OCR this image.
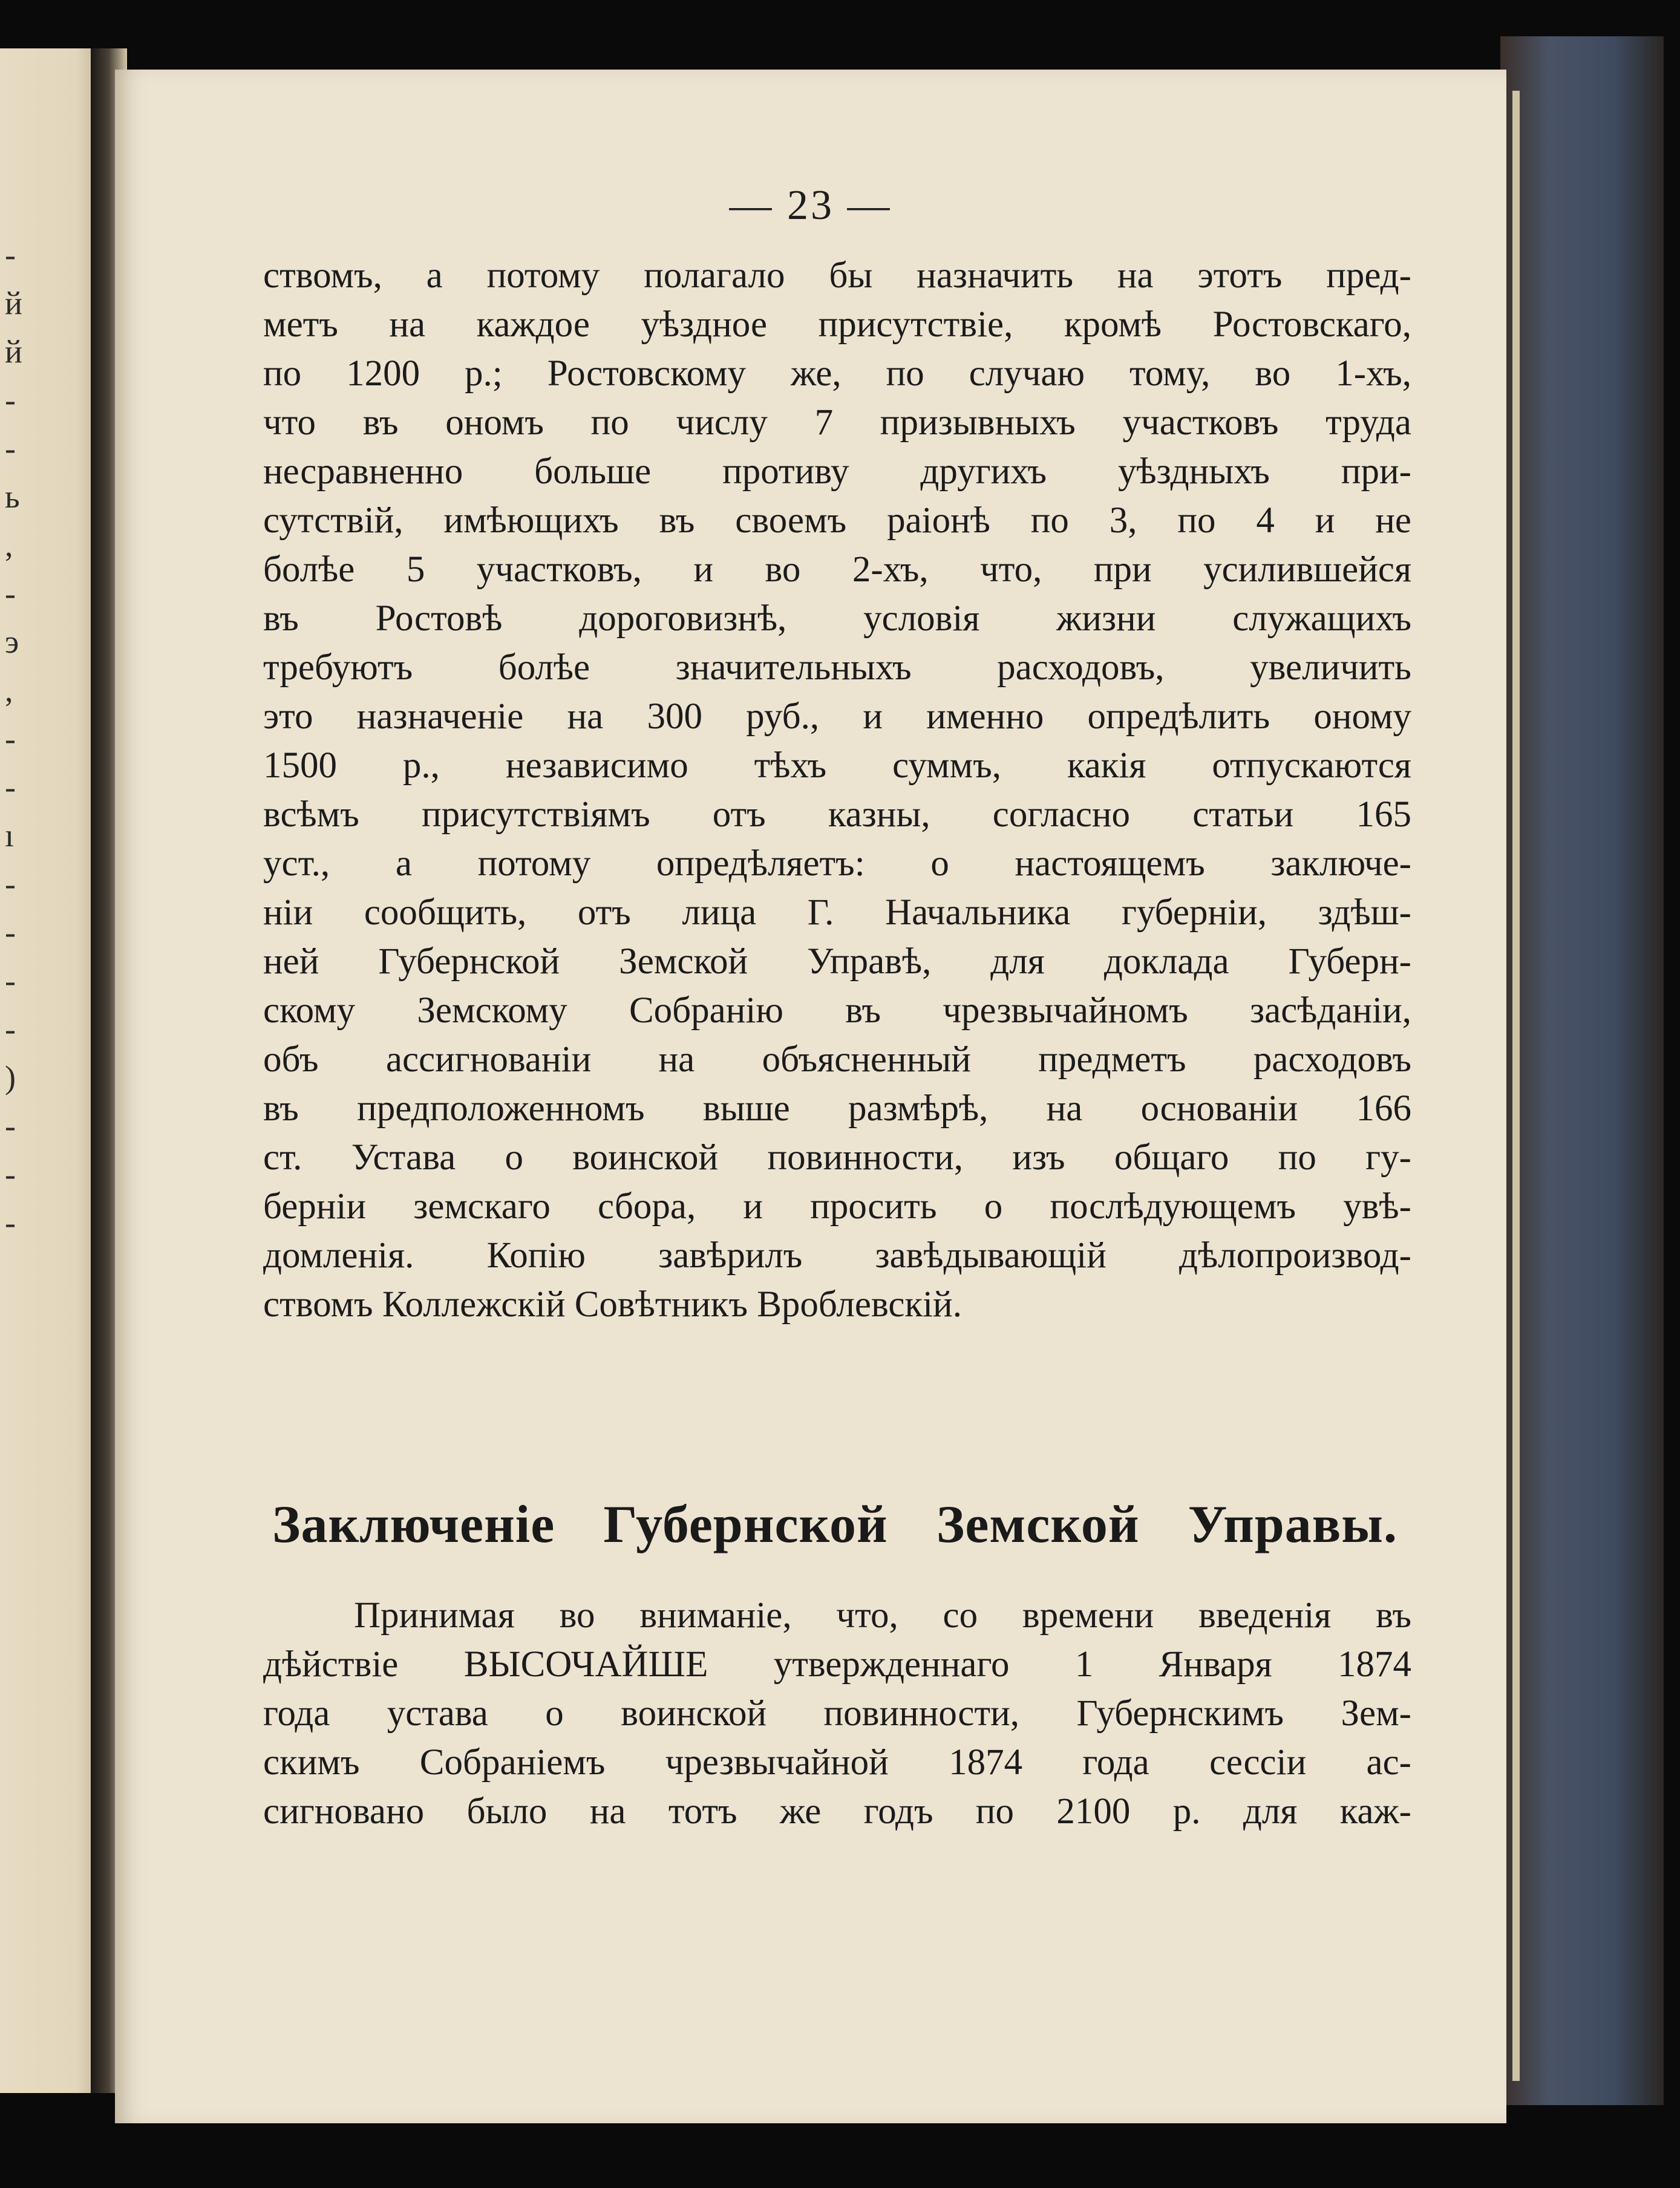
-
й
й
-
-
ь
,
-
э
,
-
-
ı
-
-
-
-
)
-
-
-
— 23 —
ствомъ, а потому полагало бы назначить на этотъ пред-
метъ на каждое уѣздное присутствіе, кромѣ Ростовскаго,
по 1200 р.; Ростовскому же, по случаю тому, во 1-хъ,
что въ ономъ по числу 7 призывныхъ участковъ труда
несравненно больше противу другихъ уѣздныхъ при-
сутствій, имѣющихъ въ своемъ раіонѣ по 3, по 4 и не
болѣе 5 участковъ, и во 2-хъ, что, при усилившейся
въ Ростовѣ дороговизнѣ, условія жизни служащихъ
требуютъ болѣе значительныхъ расходовъ, увеличить
это назначеніе на 300 руб., и именно опредѣлить оному
1500 р., независимо тѣхъ суммъ, какія отпускаются
всѣмъ присутствіямъ отъ казны, согласно статьи 165
уст., а потому опредѣляетъ: о настоящемъ заключе-
ніи сообщить, отъ лица Г. Начальника губерніи, здѣш-
ней Губернской Земской Управѣ, для доклада Губерн-
скому Земскому Собранію въ чрезвычайномъ засѣданіи,
объ ассигнованіи на объясненный предметъ расходовъ
въ предположенномъ выше размѣрѣ, на основаніи 166
ст. Устава о воинской повинности, изъ общаго по гу-
берніи земскаго сбора, и просить о послѣдующемъ увѣ-
домленія. Копію завѣрилъ завѣдывающій дѣлопроизвод-
ствомъ Коллежскій Совѣтникъ Вроблевскій.
Заключеніе Губернской Земской Управы.
Принимая во вниманіе, что, со времени введенія въ
дѣйствіе ВЫСОЧАЙШЕ утвержденнаго 1 Января 1874
года устава о воинской повинности, Губернскимъ Зем-
скимъ Собраніемъ чрезвычайной 1874 года сессіи ас-
сигновано было на тотъ же годъ по 2100 р. для каж-
